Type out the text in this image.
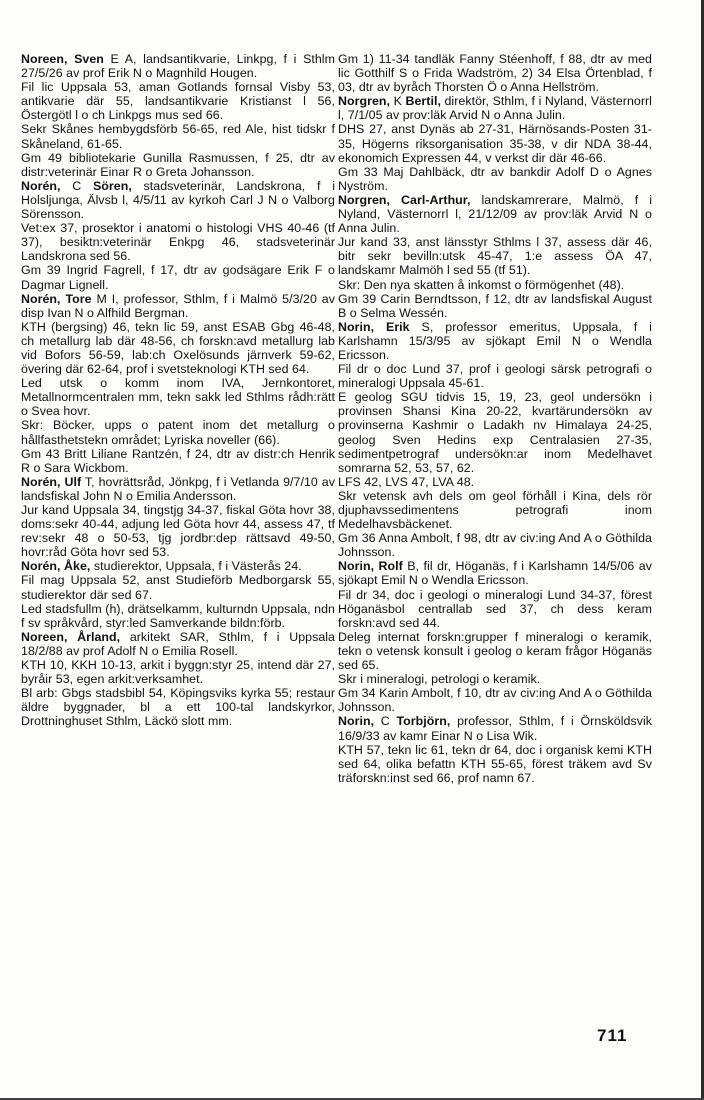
Noreen, Sven E A, landsantikvarie, Linkpg, f i Sthlm 27/5/26 av prof Erik N o Magnhild Hougen.

Fil lic Uppsala 53, aman Gotlands fornsal Visby 53, antikvarie där 55, landsantikvarie Kristianst l 56, Östergötl l o ch Linkpgs mus sed 66.

Sekr Skånes hembygdsförb 56-65, red Ale, hist tidskr f Skåneland, 61-65.

Gm 49 bibliotekarie Gunilla Rasmussen, f 25, dtr av distr:veterinär Einar R o Greta Johansson.

Norén, C Sören, stadsveterinär, Landskrona, f i Holsljunga, Älvsb l, 4/5/11 av kyrkoh Carl J N o Valborg Sörensson.

Vet:ex 37, prosektor i anatomi o histologi VHS 40-46 (tf 37), besiktn:veterinär Enkpg 46, stadsveterinär Landskrona sed 56.

Gm 39 Ingrid Fagrell, f 17, dtr av godsägare Erik F o Dagmar Lignell.

Norén, Tore M I, professor, Sthlm, f i Malmö 5/3/20 av disp Ivan N o Alfhild Bergman.

KTH (bergsing) 46, tekn lic 59, anst ESAB Gbg 46-48, ch metallurg lab där 48-56, ch forskn:avd metallurg lab vid Bofors 56-59, lab:ch Oxelösunds järnverk 59-62, övering där 62-64, prof i svetsteknologi KTH sed 64.

Led utsk o komm inom IVA, Jernkontoret, Metallnormcentralen mm, tekn sakk led Sthlms rådh:rätt o Svea hovr.

Skr: Böcker, upps o patent inom det metallurg o hållfasthetstekn området; Lyriska noveller (66).

Gm 43 Britt Liliane Rantzén, f 24, dtr av distr:ch Henrik R o Sara Wickbom.

Norén, Ulf T, hovrättsråd, Jönkpg, f i Vetlanda 9/7/10 av landsfiskal John N o Emilia Andersson.

Jur kand Uppsala 34, tingstjg 34-37, fiskal Göta hovr 38, doms:sekr 40-44, adjung led Göta hovr 44, assess 47, tf rev:sekr 48 o 50-53, tjg jordbr:dep rättsavd 49-50, hovr:råd Göta hovr sed 53.

Norén, Åke, studierektor, Uppsala, f i Västerås 24.

Fil mag Uppsala 52, anst Studieförb Medborgarsk 55, studierektor där sed 67.

Led stadsfullm (h), drätselkamm, kulturndn Uppsala, ndn f sv språkvård, styr:led Samverkande bildn:förb.

Noreen, Årland, arkitekt SAR, Sthlm, f i Uppsala 18/2/88 av prof Adolf N o Emilia Rosell.

KTH 10, KKH 10-13, arkit i byggn:styr 25, intend där 27, byråir 53, egen arkit:verksamhet.

Bl arb: Gbgs stadsbibl 54, Köpingsviks kyrka 55; restaur äldre byggnader, bl a ett 100-tal landskyrkor, Drottninghuset Sthlm, Läckö slott mm.

Gm 1) 11-34 tandläk Fanny Stéenhoff, f 88, dtr av med lic Gotthilf S o Frida Wadström, 2) 34 Elsa Örtenblad, f 03, dtr av byråch Thorsten Ö o Anna Hellström.

Norgren, K Bertil, direktör, Sthlm, f i Nyland, Västernorrl l, 7/1/05 av prov:läk Arvid N o Anna Julin.

DHS 27, anst Dynäs ab 27-31, Härnösands-Posten 31-35, Högerns riksorganisation 35-38, v dir NDA 38-44, ekonomich Expressen 44, v verkst dir där 46-66.

Gm 33 Maj Dahlbäck, dtr av bankdir Adolf D o Agnes Nyström.

Norgren, Carl-Arthur, landskamrerare, Malmö, f i Nyland, Västernorrl l, 21/12/09 av prov:läk Arvid N o Anna Julin.

Jur kand 33, anst länsstyr Sthlms l 37, assess där 46, bitr sekr bevilln:utsk 45-47, 1:e assess ÖA 47, landskamr Malmöh l sed 55 (tf 51).

Skr: Den nya skatten å inkomst o förmögenhet (48).

Gm 39 Carin Berndtsson, f 12, dtr av landsfiskal August B o Selma Wessén.

Norin, Erik S, professor emeritus, Uppsala, f i Karlshamn 15/3/95 av sjökapt Emil N o Wendla Ericsson.

Fil dr o doc Lund 37, prof i geologi särsk petrografi o mineralogi Uppsala 45-61.

E geolog SGU tidvis 15, 19, 23, geol undersökn i provinsen Shansi Kina 20-22, kvartärundersökn av provinserna Kashmir o Ladakh nv Himalaya 24-25, geolog Sven Hedins exp Centralasien 27-35, sedimentpetrograf undersökn:ar inom Medelhavet somrarna 52, 53, 57, 62.

LFS 42, LVS 47, LVA 48.

Skr vetensk avh dels om geol förhåll i Kina, dels rör djuphavssedimentens petrografi inom Medelhavsbäckenet.

Gm 36 Anna Ambolt, f 98, dtr av civ:ing And A o Göthilda Johnsson.

Norin, Rolf B, fil dr, Höganäs, f i Karlshamn 14/5/06 av sjökapt Emil N o Wendla Ericsson.

Fil dr 34, doc i geologi o mineralogi Lund 34-37, förest Höganäsbol centrallab sed 37, ch dess keram forskn:avd sed 44.

Deleg internat forskn:grupper f mineralogi o keramik, tekn o vetensk konsult i geolog o keram frågor Höganäs sed 65.

Skr i mineralogi, petrologi o keramik.

Gm 34 Karin Ambolt, f 10, dtr av civ:ing And A o Göthilda Johnsson.

Norin, C Torbjörn, professor, Sthlm, f i Örnsköldsvik 16/9/33 av kamr Einar N o Lisa Wik.

KTH 57, tekn lic 61, tekn dr 64, doc i organisk kemi KTH sed 64, olika befattn KTH 55-65, förest träkem avd Sv träforskn:inst sed 66, prof namn 67.

711
